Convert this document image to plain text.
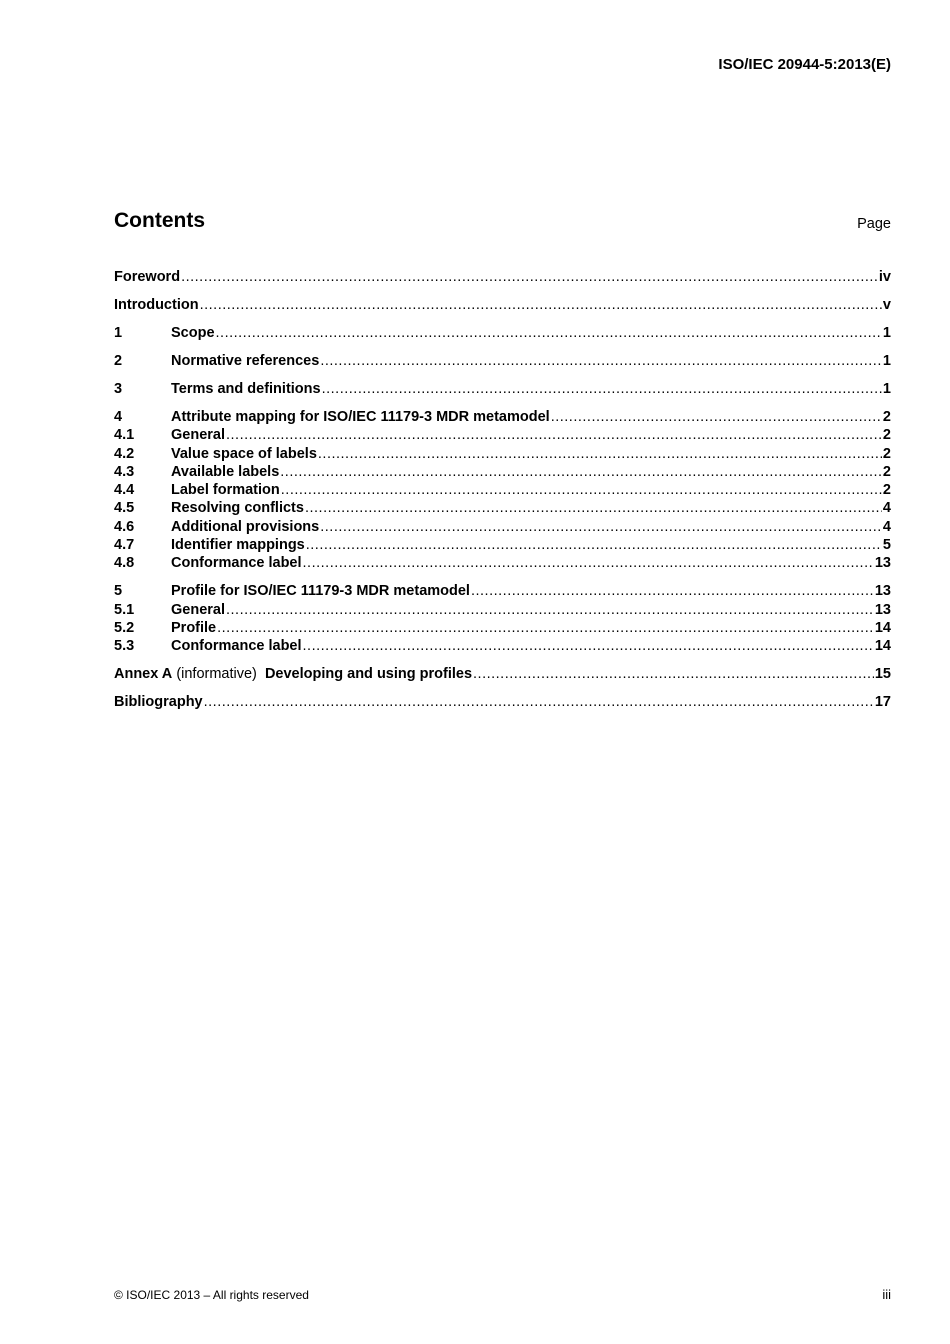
ISO/IEC 20944-5:2013(E)
Contents	Page
Foreword .....	iv
Introduction .....	v
1	Scope .....	1
2	Normative references .....	1
3	Terms and definitions .....	1
4	Attribute mapping for ISO/IEC 11179-3 MDR metamodel .....	2
4.1	General .....	2
4.2	Value space of labels .....	2
4.3	Available labels .....	2
4.4	Label formation .....	2
4.5	Resolving conflicts .....	4
4.6	Additional provisions .....	4
4.7	Identifier mappings .....	5
4.8	Conformance label .....	13
5	Profile for ISO/IEC 11179-3 MDR metamodel .....	13
5.1	General .....	13
5.2	Profile .....	14
5.3	Conformance label .....	14
Annex A (informative) Developing and using profiles .....	15
Bibliography .....	17
© ISO/IEC 2013 – All rights reserved	iii
